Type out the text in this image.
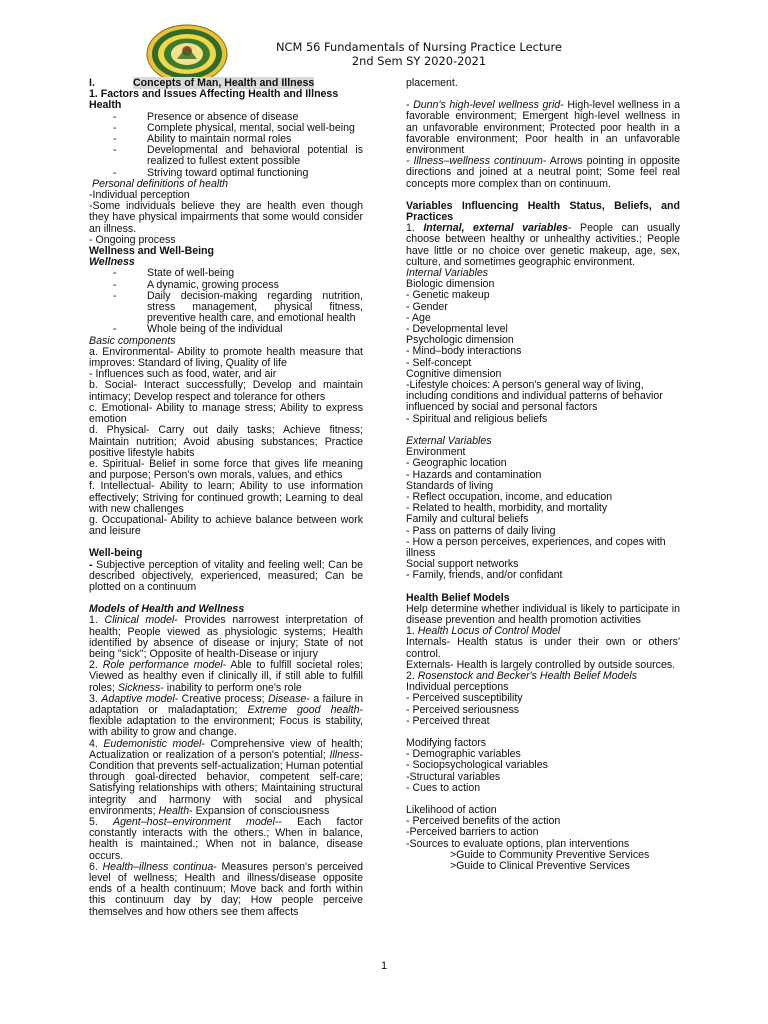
NCM 56 Fundamentals of Nursing Practice Lecture
2nd Sem SY 2020-2021

I.	Concepts of Man, Health and Illness

1. Factors and Issues Affecting Health and Illness

Health

- Presence or absence of disease
- Complete physical, mental, social well-being
- Ability to maintain normal roles
- Developmental and behavioral potential is realized to fullest extent possible
- Striving toward optimal functioning

Personal definitions of health

-Individual perception

-Some individuals believe they are health even though they have physical impairments that some would consider an illness.

- Ongoing process

Wellness and Well-Being

Wellness

- State of well-being
- A dynamic, growing process
- Daily decision-making regarding nutrition, stress management, physical fitness, preventive health care, and emotional health
- Whole being of the individual

Basic components

a. Environmental- Ability to promote health measure that improves: Standard of living, Quality of life

- Influences such as food, water, and air

b. Social- Interact successfully; Develop and maintain intimacy; Develop respect and tolerance for others

c. Emotional- Ability to manage stress; Ability to express emotion

d. Physical- Carry out daily tasks; Achieve fitness; Maintain nutrition; Avoid abusing substances; Practice positive lifestyle habits

e. Spiritual- Belief in some force that gives life meaning and purpose; Person's own morals, values, and ethics

f. Intellectual- Ability to learn; Ability to use information effectively; Striving for continued growth; Learning to deal with new challenges

g. Occupational- Ability to achieve balance between work and leisure

Well-being

- Subjective perception of vitality and feeling well; Can be described objectively, experienced, measured; Can be plotted on a continuum

Models of Health and Wellness

1. Clinical model- Provides narrowest interpretation of health; People viewed as physiologic systems; Health identified by absence of disease or injury; State of not being "sick"; Opposite of health-Disease or injury

2. Role performance model- Able to fulfill societal roles; Viewed as healthy even if clinically ill, if still able to fulfill roles; Sickness- inability to perform one's role

3. Adaptive model- Creative process; Disease- a failure in adaptation or maladaptation; Extreme good health- flexible adaptation to the environment; Focus is stability, with ability to grow and change.

4. Eudemonistic model- Comprehensive view of health; Actualization or realization of a person's potential; Illness- Condition that prevents self-actualization; Human potential through goal-directed behavior, competent self-care; Satisfying relationships with others; Maintaining structural integrity and harmony with social and physical environments; Health- Expansion of consciousness

5. Agent–host–environment model-- Each factor constantly interacts with the others.; When in balance, health is maintained.; When not in balance, disease occurs.

6. Health–illness continua- Measures person's perceived level of wellness; Health and illness/disease opposite ends of a health continuum; Move back and forth within this continuum day by day; How people perceive themselves and how others see them affects

placement.

- Dunn's high-level wellness grid- High-level wellness in a favorable environment; Emergent high-level wellness in an unfavorable environment; Protected poor health in a favorable environment; Poor health in an unfavorable environment

- Illness–wellness continuum- Arrows pointing in opposite directions and joined at a neutral point; Some feel real concepts more complex than on continuum.

Variables Influencing Health Status, Beliefs, and Practices

1. Internal, external variables- People can usually choose between healthy or unhealthy activities.; People have little or no choice over genetic makeup, age, sex, culture, and sometimes geographic environment.

Internal Variables

Biologic dimension

- Genetic makeup

- Gender

- Age

- Developmental level

Psychologic dimension

- Mind–body interactions

- Self-concept

Cognitive dimension

-Lifestyle choices: A person's general way of living, including conditions and individual patterns of behavior influenced by social and personal factors

- Spiritual and religious beliefs

External Variables

Environment

- Geographic location

- Hazards and contamination

Standards of living

- Reflect occupation, income, and education

- Related to health, morbidity, and mortality

Family and cultural beliefs

- Pass on patterns of daily living

- How a person perceives, experiences, and copes with illness

Social support networks

- Family, friends, and/or confidant

Health Belief Models

Help determine whether individual is likely to participate in disease prevention and health promotion activities

1. Health Locus of Control Model

Internals- Health status is under their own or others' control.

Externals- Health is largely controlled by outside sources.

2. Rosenstock and Becker's Health Belief Models

Individual perceptions

- Perceived susceptibility

- Perceived seriousness

- Perceived threat

Modifying factors

- Demographic variables

- Sociopsychological variables

-Structural variables

- Cues to action

Likelihood of action

- Perceived benefits of the action

-Perceived barriers to action

-Sources to evaluate options, plan interventions

>Guide to Community Preventive Services

>Guide to Clinical Preventive Services

1
